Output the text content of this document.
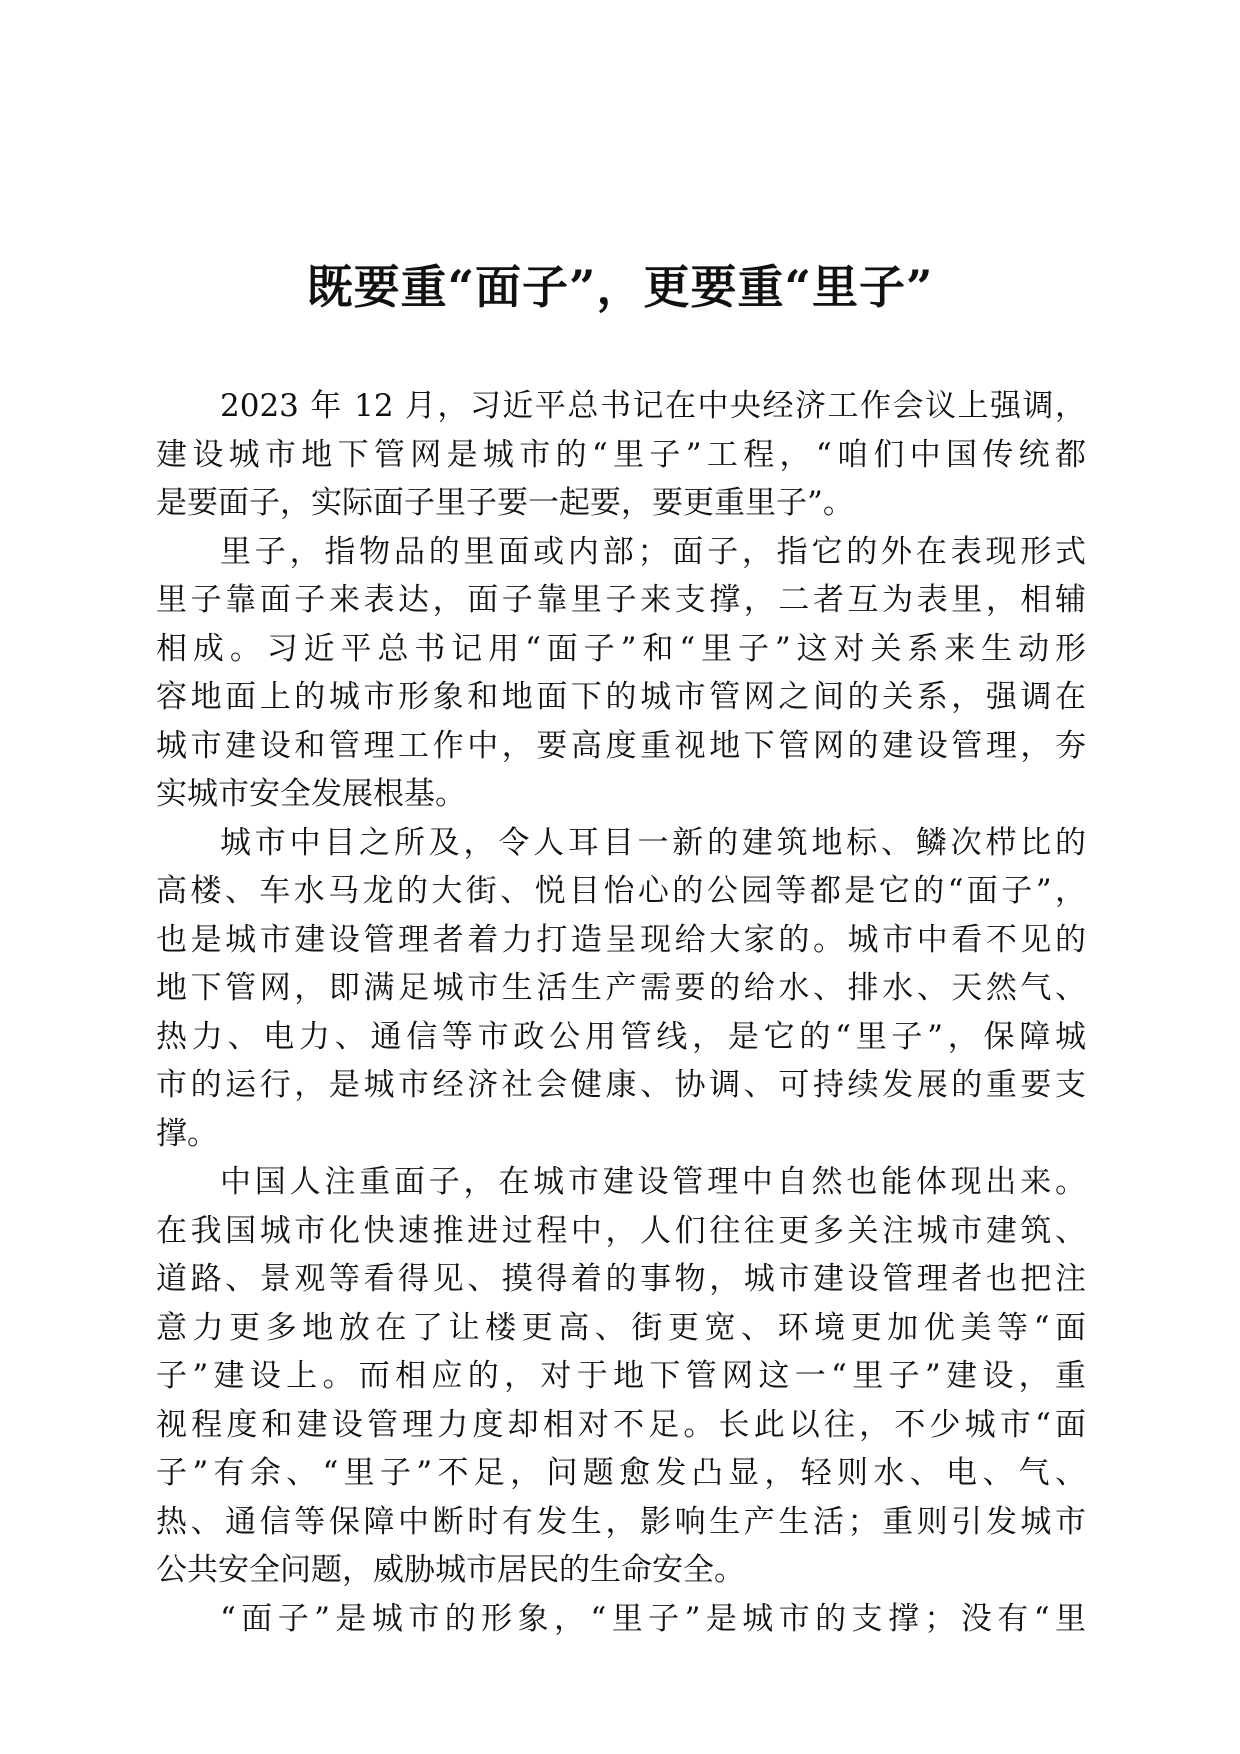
既要重“面子”，更要重“里子”
2023 年 12 月，习近平总书记在中央经济工作会议上强调，
建设城市地下管网是城市的“里子”工程，“咱们中国传统都
是要面子，实际面子里子要一起要，要更重里子”。
里子，指物品的里面或内部；面子，指它的外在表现形式
里子靠面子来表达，面子靠里子来支撑，二者互为表里，相辅
相成。习近平总书记用“面子”和“里子”这对关系来生动形
容地面上的城市形象和地面下的城市管网之间的关系，强调在
城市建设和管理工作中，要高度重视地下管网的建设管理，夯
实城市安全发展根基。
城市中目之所及，令人耳目一新的建筑地标、鳞次栉比的
高楼、车水马龙的大街、悦目怡心的公园等都是它的“面子”，
也是城市建设管理者着力打造呈现给大家的。城市中看不见的
地下管网，即满足城市生活生产需要的给水、排水、天然气、
热力、电力、通信等市政公用管线，是它的“里子”，保障城
市的运行，是城市经济社会健康、协调、可持续发展的重要支
撑。
中国人注重面子，在城市建设管理中自然也能体现出来。
在我国城市化快速推进过程中，人们往往更多关注城市建筑、
道路、景观等看得见、摸得着的事物，城市建设管理者也把注
意力更多地放在了让楼更高、街更宽、环境更加优美等“面
子”建设上。而相应的，对于地下管网这一“里子”建设，重
视程度和建设管理力度却相对不足。长此以往，不少城市“面
子”有余、“里子”不足，问题愈发凸显，轻则水、电、气、
热、通信等保障中断时有发生，影响生产生活；重则引发城市
公共安全问题，威胁城市居民的生命安全。
“面子”是城市的形象，“里子”是城市的支撑；没有“里
